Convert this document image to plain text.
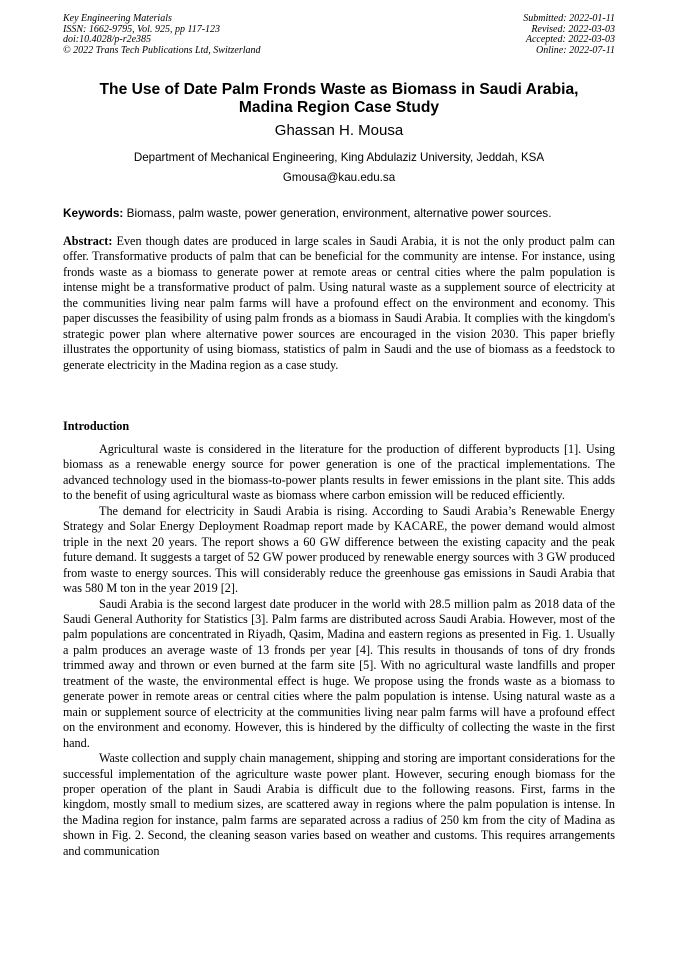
Key Engineering Materials
ISSN: 1662-9795, Vol. 925, pp 117-123
doi:10.4028/p-r2e385
© 2022 Trans Tech Publications Ltd, Switzerland
Submitted: 2022-01-11
Revised: 2022-03-03
Accepted: 2022-03-03
Online: 2022-07-11
The Use of Date Palm Fronds Waste as Biomass in Saudi Arabia,
Madina Region Case Study
Ghassan H. Mousa
Department of Mechanical Engineering, King Abdulaziz University, Jeddah, KSA
Gmousa@kau.edu.sa
Keywords: Biomass, palm waste, power generation, environment, alternative power sources.
Abstract: Even though dates are produced in large scales in Saudi Arabia, it is not the only product palm can offer. Transformative products of palm that can be beneficial for the community are intense. For instance, using fronds waste as a biomass to generate power at remote areas or central cities where the palm population is intense might be a transformative product of palm. Using natural waste as a supplement source of electricity at the communities living near palm farms will have a profound effect on the environment and economy. This paper discusses the feasibility of using palm fronds as a biomass in Saudi Arabia. It complies with the kingdom's strategic power plan where alternative power sources are encouraged in the vision 2030. This paper briefly illustrates the opportunity of using biomass, statistics of palm in Saudi and the use of biomass as a feedstock to generate electricity in the Madina region as a case study.
Introduction

Agricultural waste is considered in the literature for the production of different byproducts [1]. Using biomass as a renewable energy source for power generation is one of the practical implementations. The advanced technology used in the biomass-to-power plants results in fewer emissions in the plant site. This adds to the benefit of using agricultural waste as biomass where carbon emission will be reduced efficiently.

The demand for electricity in Saudi Arabia is rising. According to Saudi Arabia’s Renewable Energy Strategy and Solar Energy Deployment Roadmap report made by KACARE, the power demand would almost triple in the next 20 years. The report shows a 60 GW difference between the existing capacity and the peak future demand. It suggests a target of 52 GW power produced by renewable energy sources with 3 GW produced from waste to energy sources. This will considerably reduce the greenhouse gas emissions in Saudi Arabia that was 580 M ton in the year 2019 [2].

Saudi Arabia is the second largest date producer in the world with 28.5 million palm as 2018 data of the Saudi General Authority for Statistics [3]. Palm farms are distributed across Saudi Arabia. However, most of the palm populations are concentrated in Riyadh, Qasim, Madina and eastern regions as presented in Fig. 1. Usually a palm produces an average waste of 13 fronds per year [4]. This results in thousands of tons of dry fronds trimmed away and thrown or even burned at the farm site [5]. With no agricultural waste landfills and proper treatment of the waste, the environmental effect is huge. We propose using the fronds waste as a biomass to generate power in remote areas or central cities where the palm population is intense. Using natural waste as a main or supplement source of electricity at the communities living near palm farms will have a profound effect on the environment and economy. However, this is hindered by the difficulty of collecting the waste in the first hand.

Waste collection and supply chain management, shipping and storing are important considerations for the successful implementation of the agriculture waste power plant. However, securing enough biomass for the proper operation of the plant in Saudi Arabia is difficult due to the following reasons. First, farms in the kingdom, mostly small to medium sizes, are scattered away in regions where the palm population is intense. In the Madina region for instance, palm farms are separated across a radius of 250 km from the city of Madina as shown in Fig. 2. Second, the cleaning season varies based on weather and customs. This requires arrangements and communication
